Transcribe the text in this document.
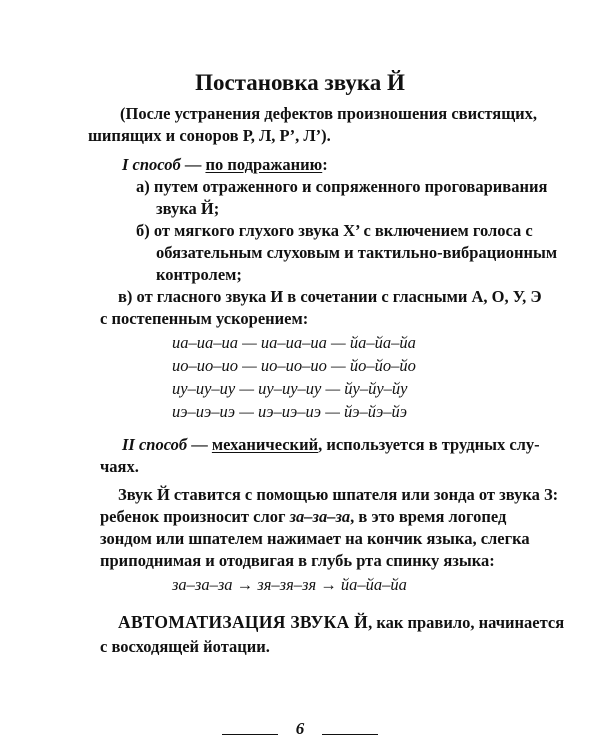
Постановка звука Й
(После устранения дефектов произношения свистящих,
шипящих и соноров Р, Л, Р’, Л’).
I способ — по подражанию:
а) путем отраженного и сопряженного проговаривания
звука Й;
б) от мягкого глухого звука X’ с включением голоса с
обязательным слуховым и тактильно-вибрационным
контролем;
в) от гласного звука И в сочетании с гласными А, О, У, Э
с постепенным ускорением:
иа–иа–иа — иа–иа–иа — йа–йа–йа
ио–ио–ио — ио–ио–ио — йо–йо–йо
иу–иу–иу — иу–иу–иу — йу–йу–йу
иэ–иэ–иэ — иэ–иэ–иэ — йэ–йэ–йэ
II способ — механический, используется в трудных слу-
чаях.
Звук Й ставится с помощью шпателя или зонда от звука З:
ребенок произносит слог за–за–за, в это время логопед
зондом или шпателем нажимает на кончик языка, слегка
приподнимая и отодвигая в глубь рта спинку языка:
за–за–за → зя–зя–зя → йа–йа–йа
АВТОМАТИЗАЦИЯ ЗВУКА Й, как правило, начинается
с восходящей йотации.
6
